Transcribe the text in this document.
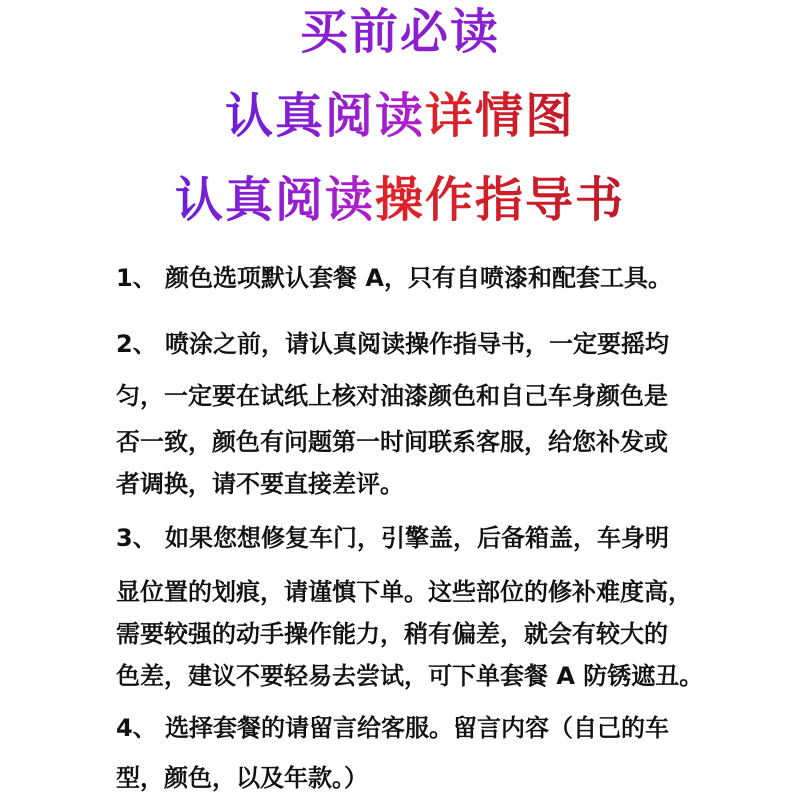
买前必读
认真阅读详情图
认真阅读操作指导书
1、 颜色选项默认套餐 A，只有自喷漆和配套工具。
2、 喷涂之前，请认真阅读操作指导书，一定要摇均
匀，一定要在试纸上核对油漆颜色和自己车身颜色是
否一致，颜色有问题第一时间联系客服，给您补发或
者调换，请不要直接差评。
3、 如果您想修复车门，引擎盖，后备箱盖，车身明
显位置的划痕，请谨慎下单。这些部位的修补难度高，
需要较强的动手操作能力，稍有偏差，就会有较大的
色差，建议不要轻易去尝试，可下单套餐 A 防锈遮丑。
4、 选择套餐的请留言给客服。留言内容（自己的车
型，颜色，以及年款。）
